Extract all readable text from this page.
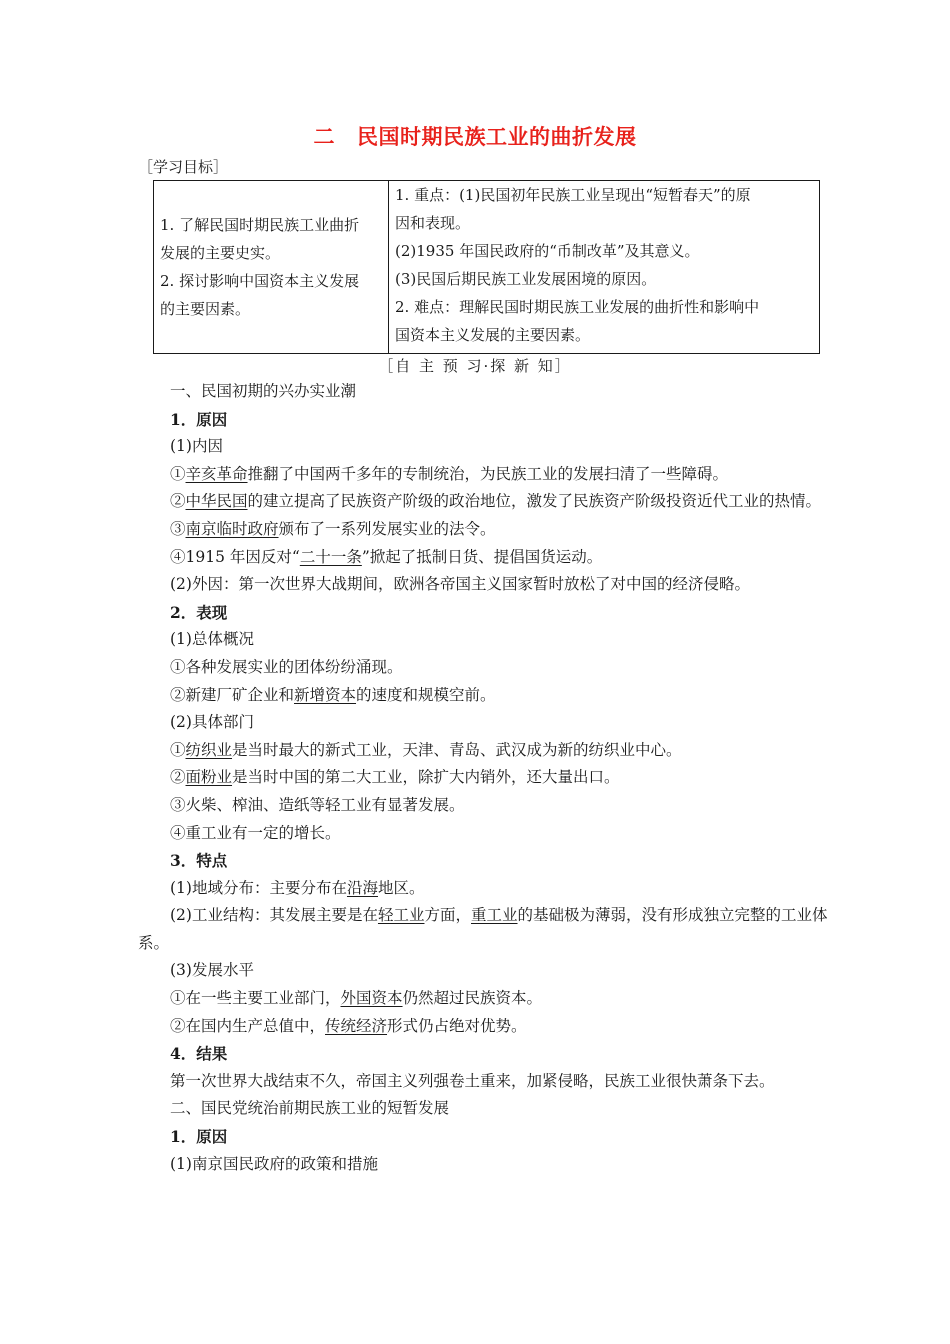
二 民国时期民族工业的曲折发展
［学习目标］
1. 了解民国时期民族工业曲折
发展的主要史实。
2. 探讨影响中国资本主义发展
的主要因素。

1. 重点：(1)民国初年民族工业呈现出“短暂春天”的原
因和表现。
(2)1935 年国民政府的“币制改革”及其意义。
(3)民国后期民族工业发展困境的原因。
2. 难点：理解民国时期民族工业发展的曲折性和影响中
国资本主义发展的主要因素。
［自 主 预 习·探 新 知］
一、民国初期的兴办实业潮
1．原因
(1)内因
①辛亥革命推翻了中国两千多年的专制统治，为民族工业的发展扫清了一些障碍。
②中华民国的建立提高了民族资产阶级的政治地位，激发了民族资产阶级投资近代工业的热情。
③南京临时政府颁布了一系列发展实业的法令。
④1915 年因反对“二十一条”掀起了抵制日货、提倡国货运动。
(2)外因：第一次世界大战期间，欧洲各帝国主义国家暂时放松了对中国的经济侵略。
2．表现
(1)总体概况
①各种发展实业的团体纷纷涌现。
②新建厂矿企业和新增资本的速度和规模空前。
(2)具体部门
①纺织业是当时最大的新式工业，天津、青岛、武汉成为新的纺织业中心。
②面粉业是当时中国的第二大工业，除扩大内销外，还大量出口。
③火柴、榨油、造纸等轻工业有显著发展。
④重工业有一定的增长。
3．特点
(1)地域分布：主要分布在沿海地区。
(2)工业结构：其发展主要是在轻工业方面，重工业的基础极为薄弱，没有形成独立完整的工业体系。
(3)发展水平
①在一些主要工业部门，外国资本仍然超过民族资本。
②在国内生产总值中，传统经济形式仍占绝对优势。
4．结果
第一次世界大战结束不久，帝国主义列强卷土重来，加紧侵略，民族工业很快萧条下去。
二、国民党统治前期民族工业的短暂发展
1．原因
(1)南京国民政府的政策和措施
